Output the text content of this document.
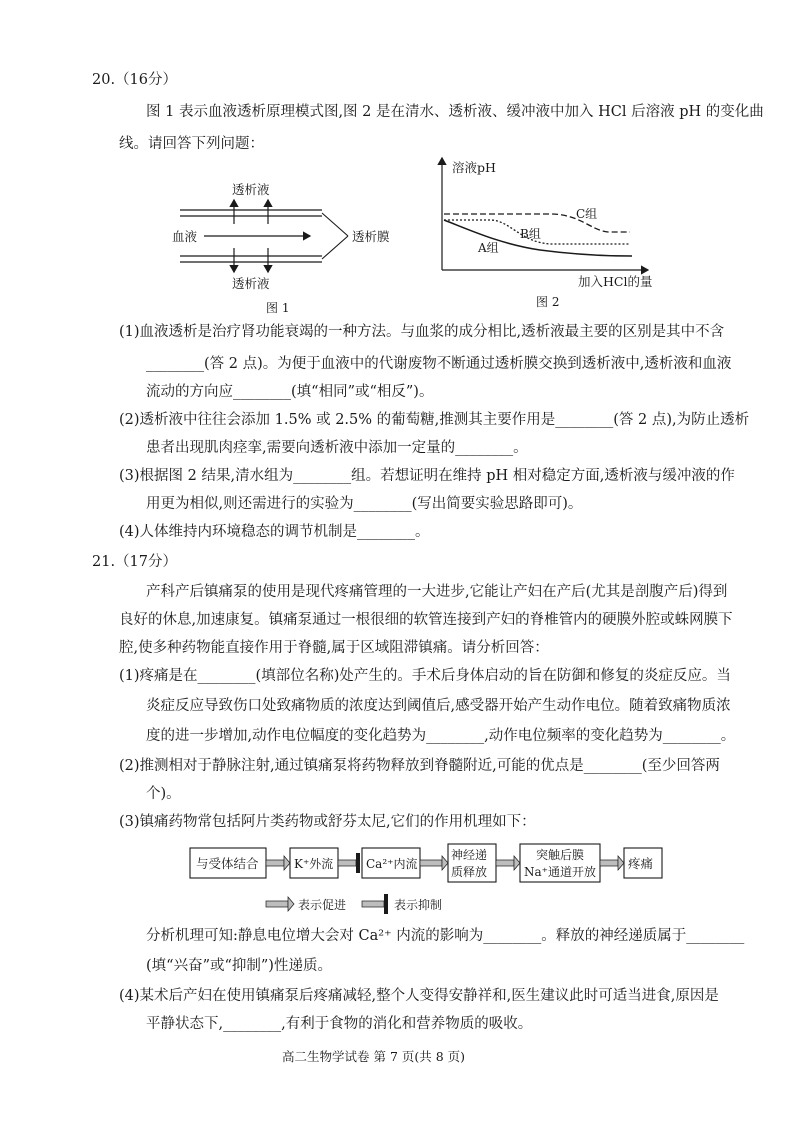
20.（16分）
图 1 表示血液透析原理模式图,图 2 是在清水、透析液、缓冲液中加入 HCl 后溶液 pH 的变化曲
线。请回答下列问题：
透析液
血液	透析膜
透析液
图 1
溶液pH
加入HCl的量
C组
B组
A组
图 2
(1)血液透析是治疗肾功能衰竭的一种方法。与血浆的成分相比,透析液最主要的区别是其中不含
________(答 2 点)。为便于血液中的代谢废物不断通过透析膜交换到透析液中,透析液和血液
流动的方向应________(填“相同”或“相反”)。
(2)透析液中往往会添加 1.5% 或 2.5% 的葡萄糖,推测其主要作用是________(答 2 点),为防止透析
患者出现肌肉痉挛,需要向透析液中添加一定量的________。
(3)根据图 2 结果,清水组为________组。若想证明在维持 pH 相对稳定方面,透析液与缓冲液的作
用更为相似,则还需进行的实验为________(写出简要实验思路即可)。
(4)人体维持内环境稳态的调节机制是________。
21.（17分）
产科产后镇痛泵的使用是现代疼痛管理的一大进步,它能让产妇在产后(尤其是剖腹产后)得到
良好的休息,加速康复。镇痛泵通过一根很细的软管连接到产妇的脊椎管内的硬膜外腔或蛛网膜下
腔,使多种药物能直接作用于脊髓,属于区域阻滞镇痛。请分析回答：
(1)疼痛是在________(填部位名称)处产生的。手术后身体启动的旨在防御和修复的炎症反应。当
炎症反应导致伤口处致痛物质的浓度达到阈值后,感受器开始产生动作电位。随着致痛物质浓
度的进一步增加,动作电位幅度的变化趋势为________,动作电位频率的变化趋势为________。
(2)推测相对于静脉注射,通过镇痛泵将药物释放到脊髓附近,可能的优点是________(至少回答两
个)。
(3)镇痛药物常包括阿片类药物或舒芬太尼,它们的作用机理如下：
与受体结合	K⁺外流	Ca²⁺内流
神经递
质释放
突触后膜
Na⁺通道开放
疼痛
表示促进	表示抑制
分析机理可知:静息电位增大会对 Ca²⁺ 内流的影响为________。释放的神经递质属于________
(填“兴奋”或“抑制”)性递质。
(4)某术后产妇在使用镇痛泵后疼痛减轻,整个人变得安静祥和,医生建议此时可适当进食,原因是
平静状态下,________,有利于食物的消化和营养物质的吸收。
高二生物学试卷 第 7 页(共 8 页)
